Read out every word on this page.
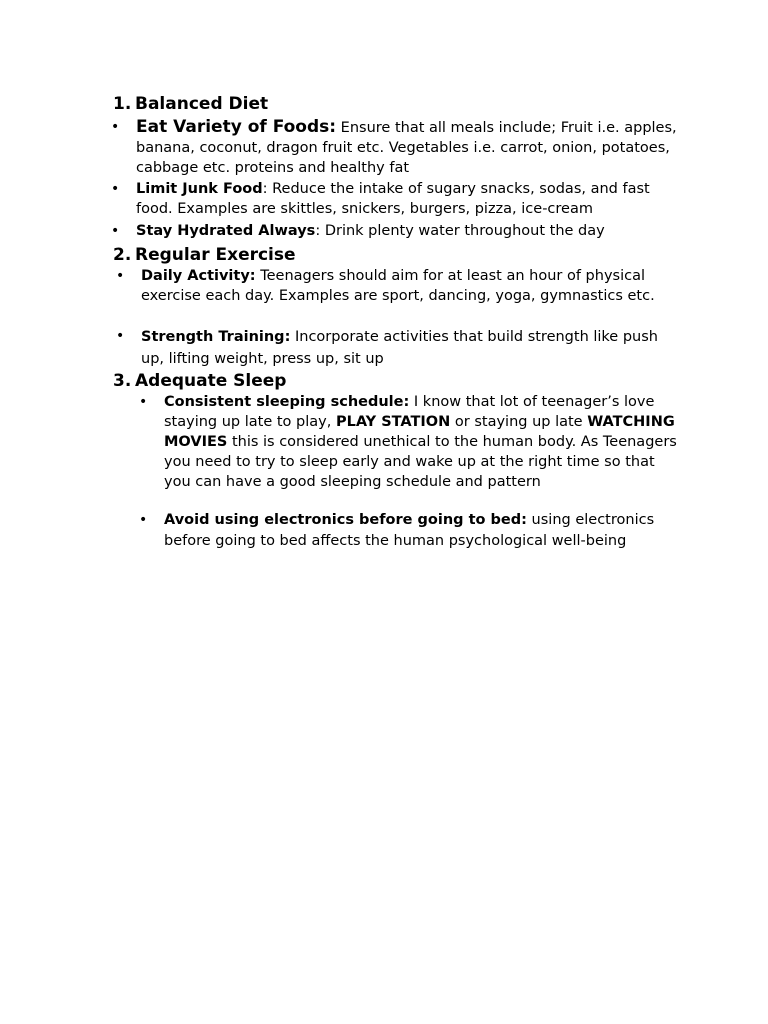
1. Balanced Diet
• Eat Variety of Foods: Ensure that all meals include; Fruit i.e. apples, banana, coconut, dragon fruit etc. Vegetables i.e. carrot, onion, potatoes, cabbage etc. proteins and healthy fat
• Limit Junk Food: Reduce the intake of sugary snacks, sodas, and fast food. Examples are skittles, snickers, burgers, pizza, ice-cream
• Stay Hydrated Always: Drink plenty water throughout the day
2. Regular Exercise
• Daily Activity: Teenagers should aim for at least an hour of physical exercise each day. Examples are sport, dancing, yoga, gymnastics etc.
• Strength Training: Incorporate activities that build strength like push up, lifting weight, press up, sit up
3. Adequate Sleep
• Consistent sleeping schedule: I know that lot of teenager’s love staying up late to play, PLAY STATION or staying up late WATCHING MOVIES this is considered unethical to the human body. As Teenagers you need to try to sleep early and wake up at the right time so that you can have a good sleeping schedule and pattern
• Avoid using electronics before going to bed: using electronics before going to bed affects the human psychological well-being
